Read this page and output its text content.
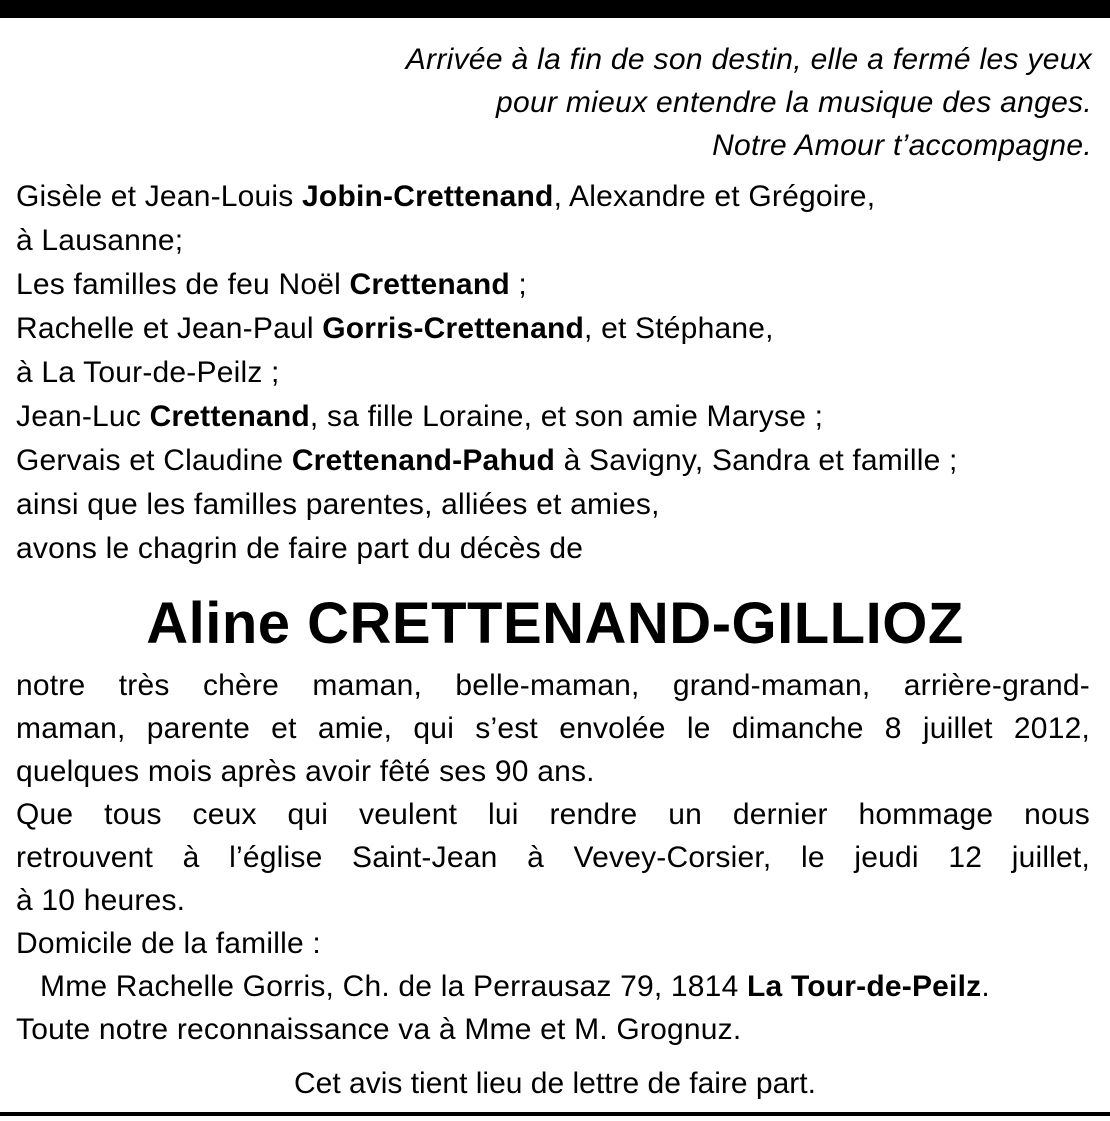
Arrivée à la fin de son destin, elle a fermé les yeux
pour mieux entendre la musique des anges.
Notre Amour t’accompagne.
Gisèle et Jean-Louis Jobin-Crettenand, Alexandre et Grégoire,
à Lausanne;
Les familles de feu Noël Crettenand ;
Rachelle et Jean-Paul Gorris-Crettenand, et Stéphane,
à La Tour-de-Peilz ;
Jean-Luc Crettenand, sa fille Loraine, et son amie Maryse ;
Gervais et Claudine Crettenand-Pahud à Savigny, Sandra et famille ;
ainsi que les familles parentes, alliées et amies,
avons le chagrin de faire part du décès de
Aline CRETTENAND-GILLIOZ

notre très chère maman, belle-maman, grand-maman, arrière-grand-
maman, parente et amie, qui s’est envolée le dimanche 8 juillet 2012,
quelques mois après avoir fêté ses 90 ans.

Que tous ceux qui veulent lui rendre un dernier hommage nous
retrouvent à l’église Saint-Jean à Vevey-Corsier, le jeudi 12 juillet,
à 10 heures.

Domicile de la famille :

Mme Rachelle Gorris, Ch. de la Perrausaz 79, 1814 La Tour-de-Peilz.

Toute notre reconnaissance va à Mme et M. Grognuz.

Cet avis tient lieu de lettre de faire part.
